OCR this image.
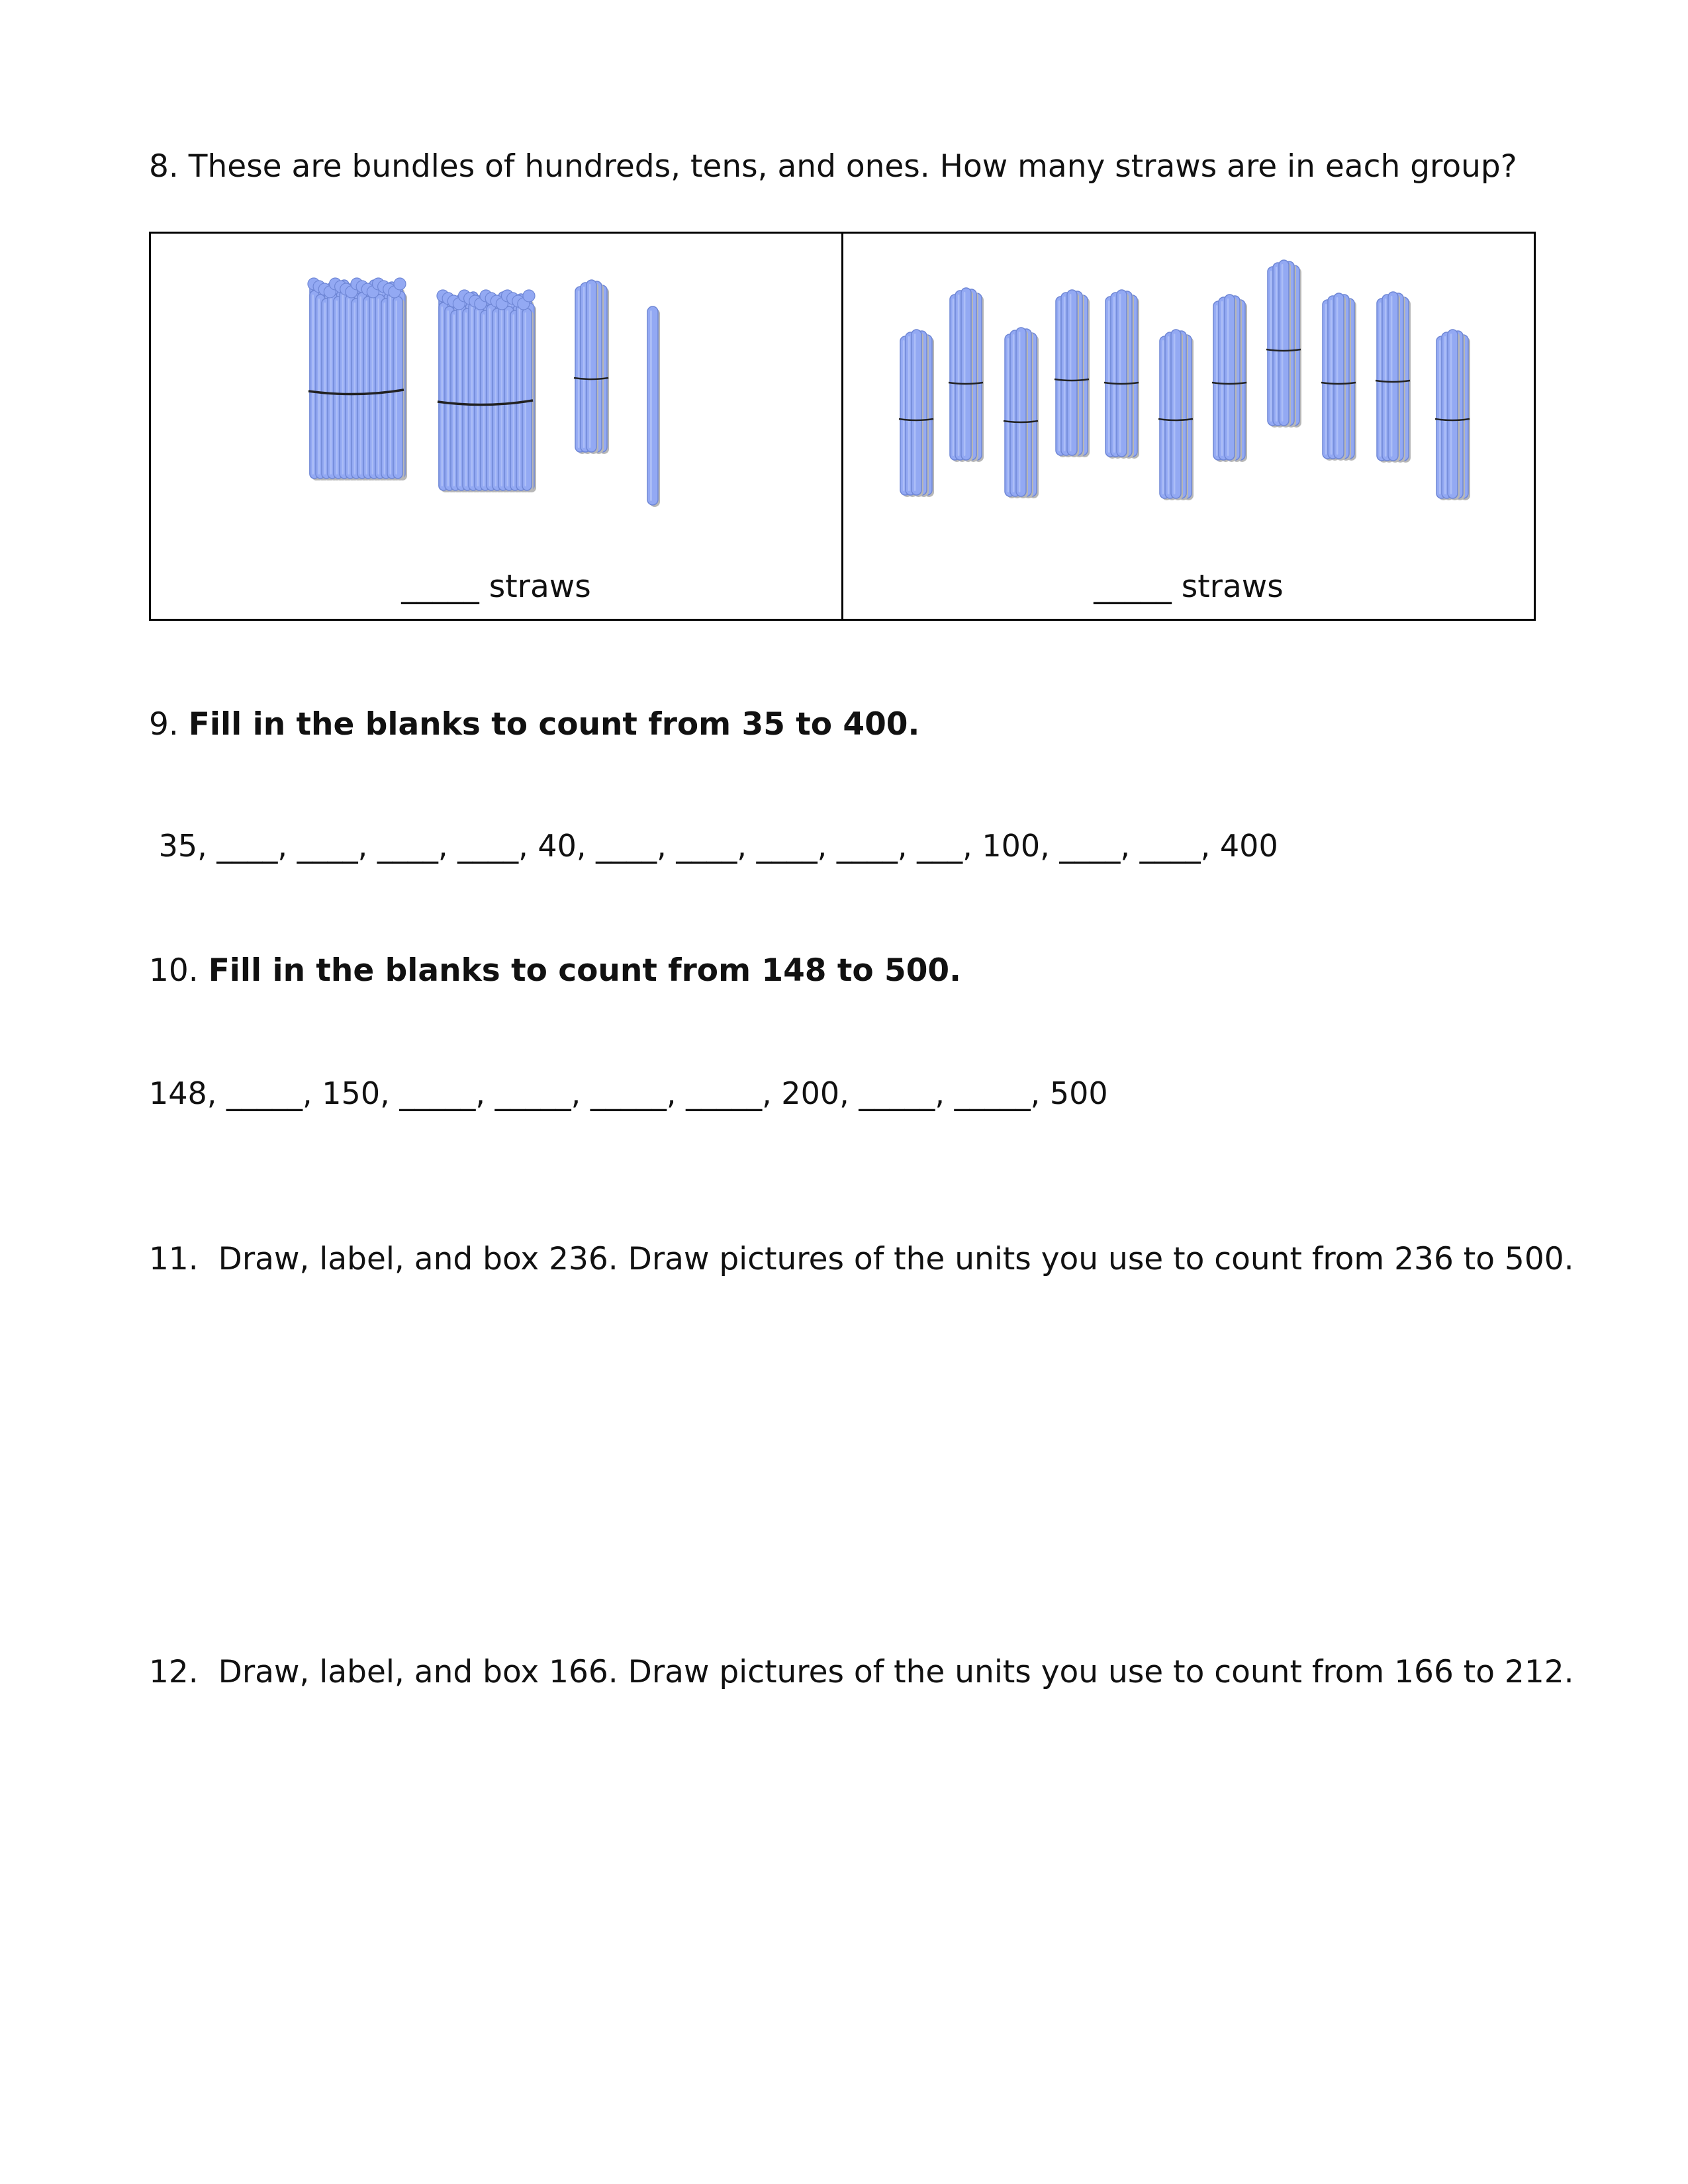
8. These are bundles of hundreds, tens, and ones. How many straws are in each group?
_____ straws	_____ straws
9. Fill in the blanks to count from 35 to 400.
35, ____, ____, ____, ____, 40, ____, ____, ____, ____, ___, 100, ____, ____, 400
10. Fill in the blanks to count from 148 to 500.
148, _____, 150, _____, _____, _____, _____, 200, _____, _____, 500
11.  Draw, label, and box 236. Draw pictures of the units you use to count from 236 to 500.
12.  Draw, label, and box 166. Draw pictures of the units you use to count from 166 to 212.
